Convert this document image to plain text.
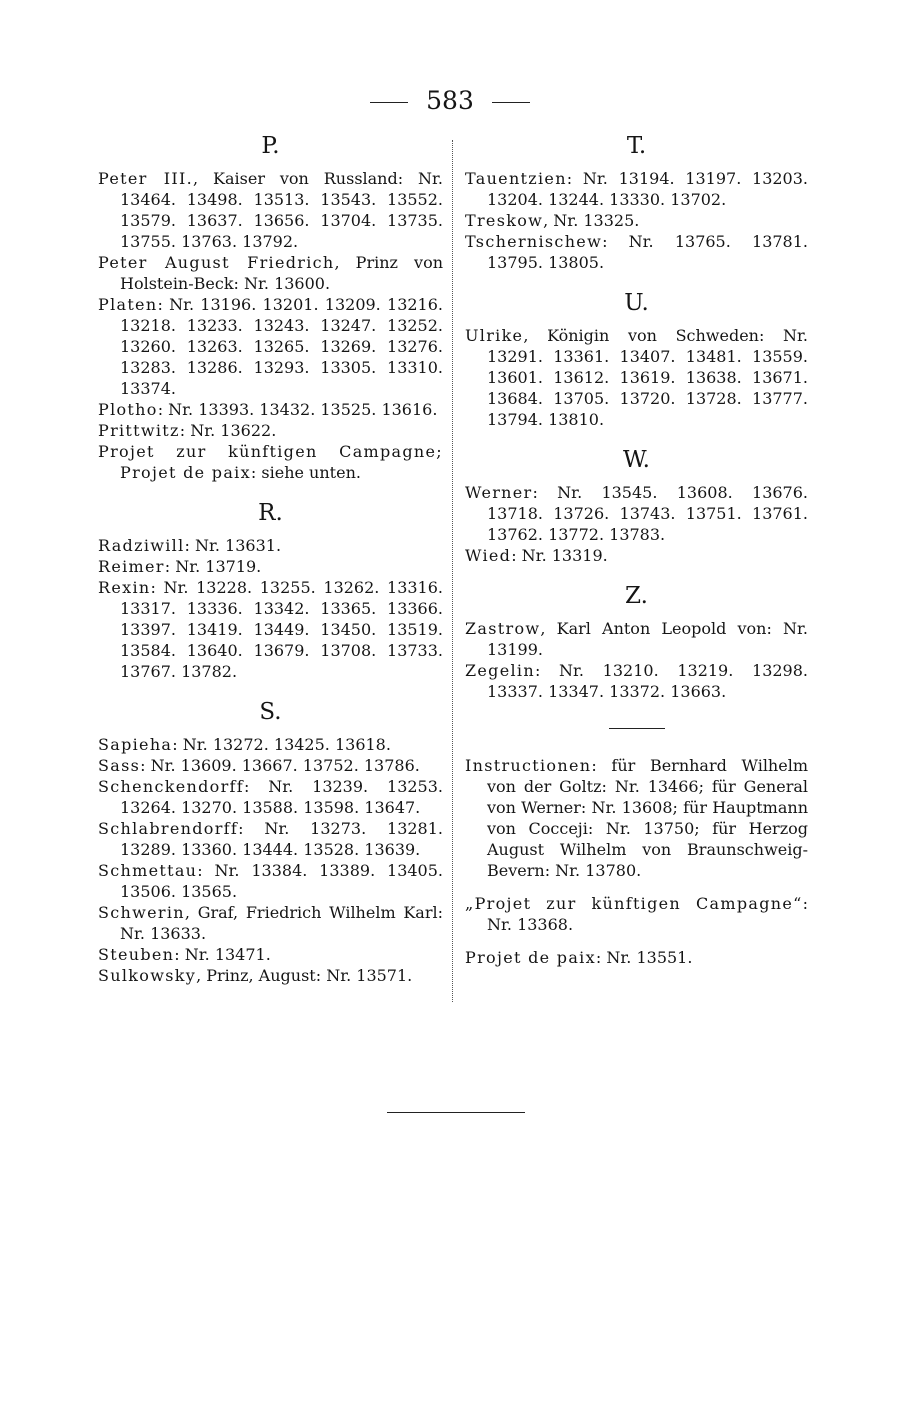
583
P.
Peter III., Kaiser von Russland: Nr. 13464. 13498. 13513. 13543. 13552. 13579. 13637. 13656. 13704. 13735. 13755. 13763. 13792.
Peter August Friedrich, Prinz von Holstein-Beck: Nr. 13600.
Platen: Nr. 13196. 13201. 13209. 13216. 13218. 13233. 13243. 13247. 13252. 13260. 13263. 13265. 13269. 13276. 13283. 13286. 13293. 13305. 13310. 13374.
Plotho: Nr. 13393. 13432. 13525. 13616.
Prittwitz: Nr. 13622.
Projet zur künftigen Campagne; Projet de paix: siehe unten.
R.
Radziwill: Nr. 13631.
Reimer: Nr. 13719.
Rexin: Nr. 13228. 13255. 13262. 13316. 13317. 13336. 13342. 13365. 13366. 13397. 13419. 13449. 13450. 13519. 13584. 13640. 13679. 13708. 13733. 13767. 13782.
S.
Sapieha: Nr. 13272. 13425. 13618.
Sass: Nr. 13609. 13667. 13752. 13786.
Schenckendorff: Nr. 13239. 13253. 13264. 13270. 13588. 13598. 13647.
Schlabrendorff: Nr. 13273. 13281. 13289. 13360. 13444. 13528. 13639.
Schmettau: Nr. 13384. 13389. 13405. 13506. 13565.
Schwerin, Graf, Friedrich Wilhelm Karl: Nr. 13633.
Steuben: Nr. 13471.
Sulkowsky, Prinz, August: Nr. 13571.
T.
Tauentzien: Nr. 13194. 13197. 13203. 13204. 13244. 13330. 13702.
Treskow, Nr. 13325.
Tschernischew: Nr. 13765. 13781. 13795. 13805.
U.
Ulrike, Königin von Schweden: Nr. 13291. 13361. 13407. 13481. 13559. 13601. 13612. 13619. 13638. 13671. 13684. 13705. 13720. 13728. 13777. 13794. 13810.
W.
Werner: Nr. 13545. 13608. 13676. 13718. 13726. 13743. 13751. 13761. 13762. 13772. 13783.
Wied: Nr. 13319.
Z.
Zastrow, Karl Anton Leopold von: Nr. 13199.
Zegelin: Nr. 13210. 13219. 13298. 13337. 13347. 13372. 13663.
Instructionen: für Bernhard Wilhelm von der Goltz: Nr. 13466; für General von Werner: Nr. 13608; für Hauptmann von Cocceji: Nr. 13750; für Herzog August Wilhelm von Braunschweig-Bevern: Nr. 13780.
„Projet zur künftigen Campagne“: Nr. 13368.
Projet de paix: Nr. 13551.
